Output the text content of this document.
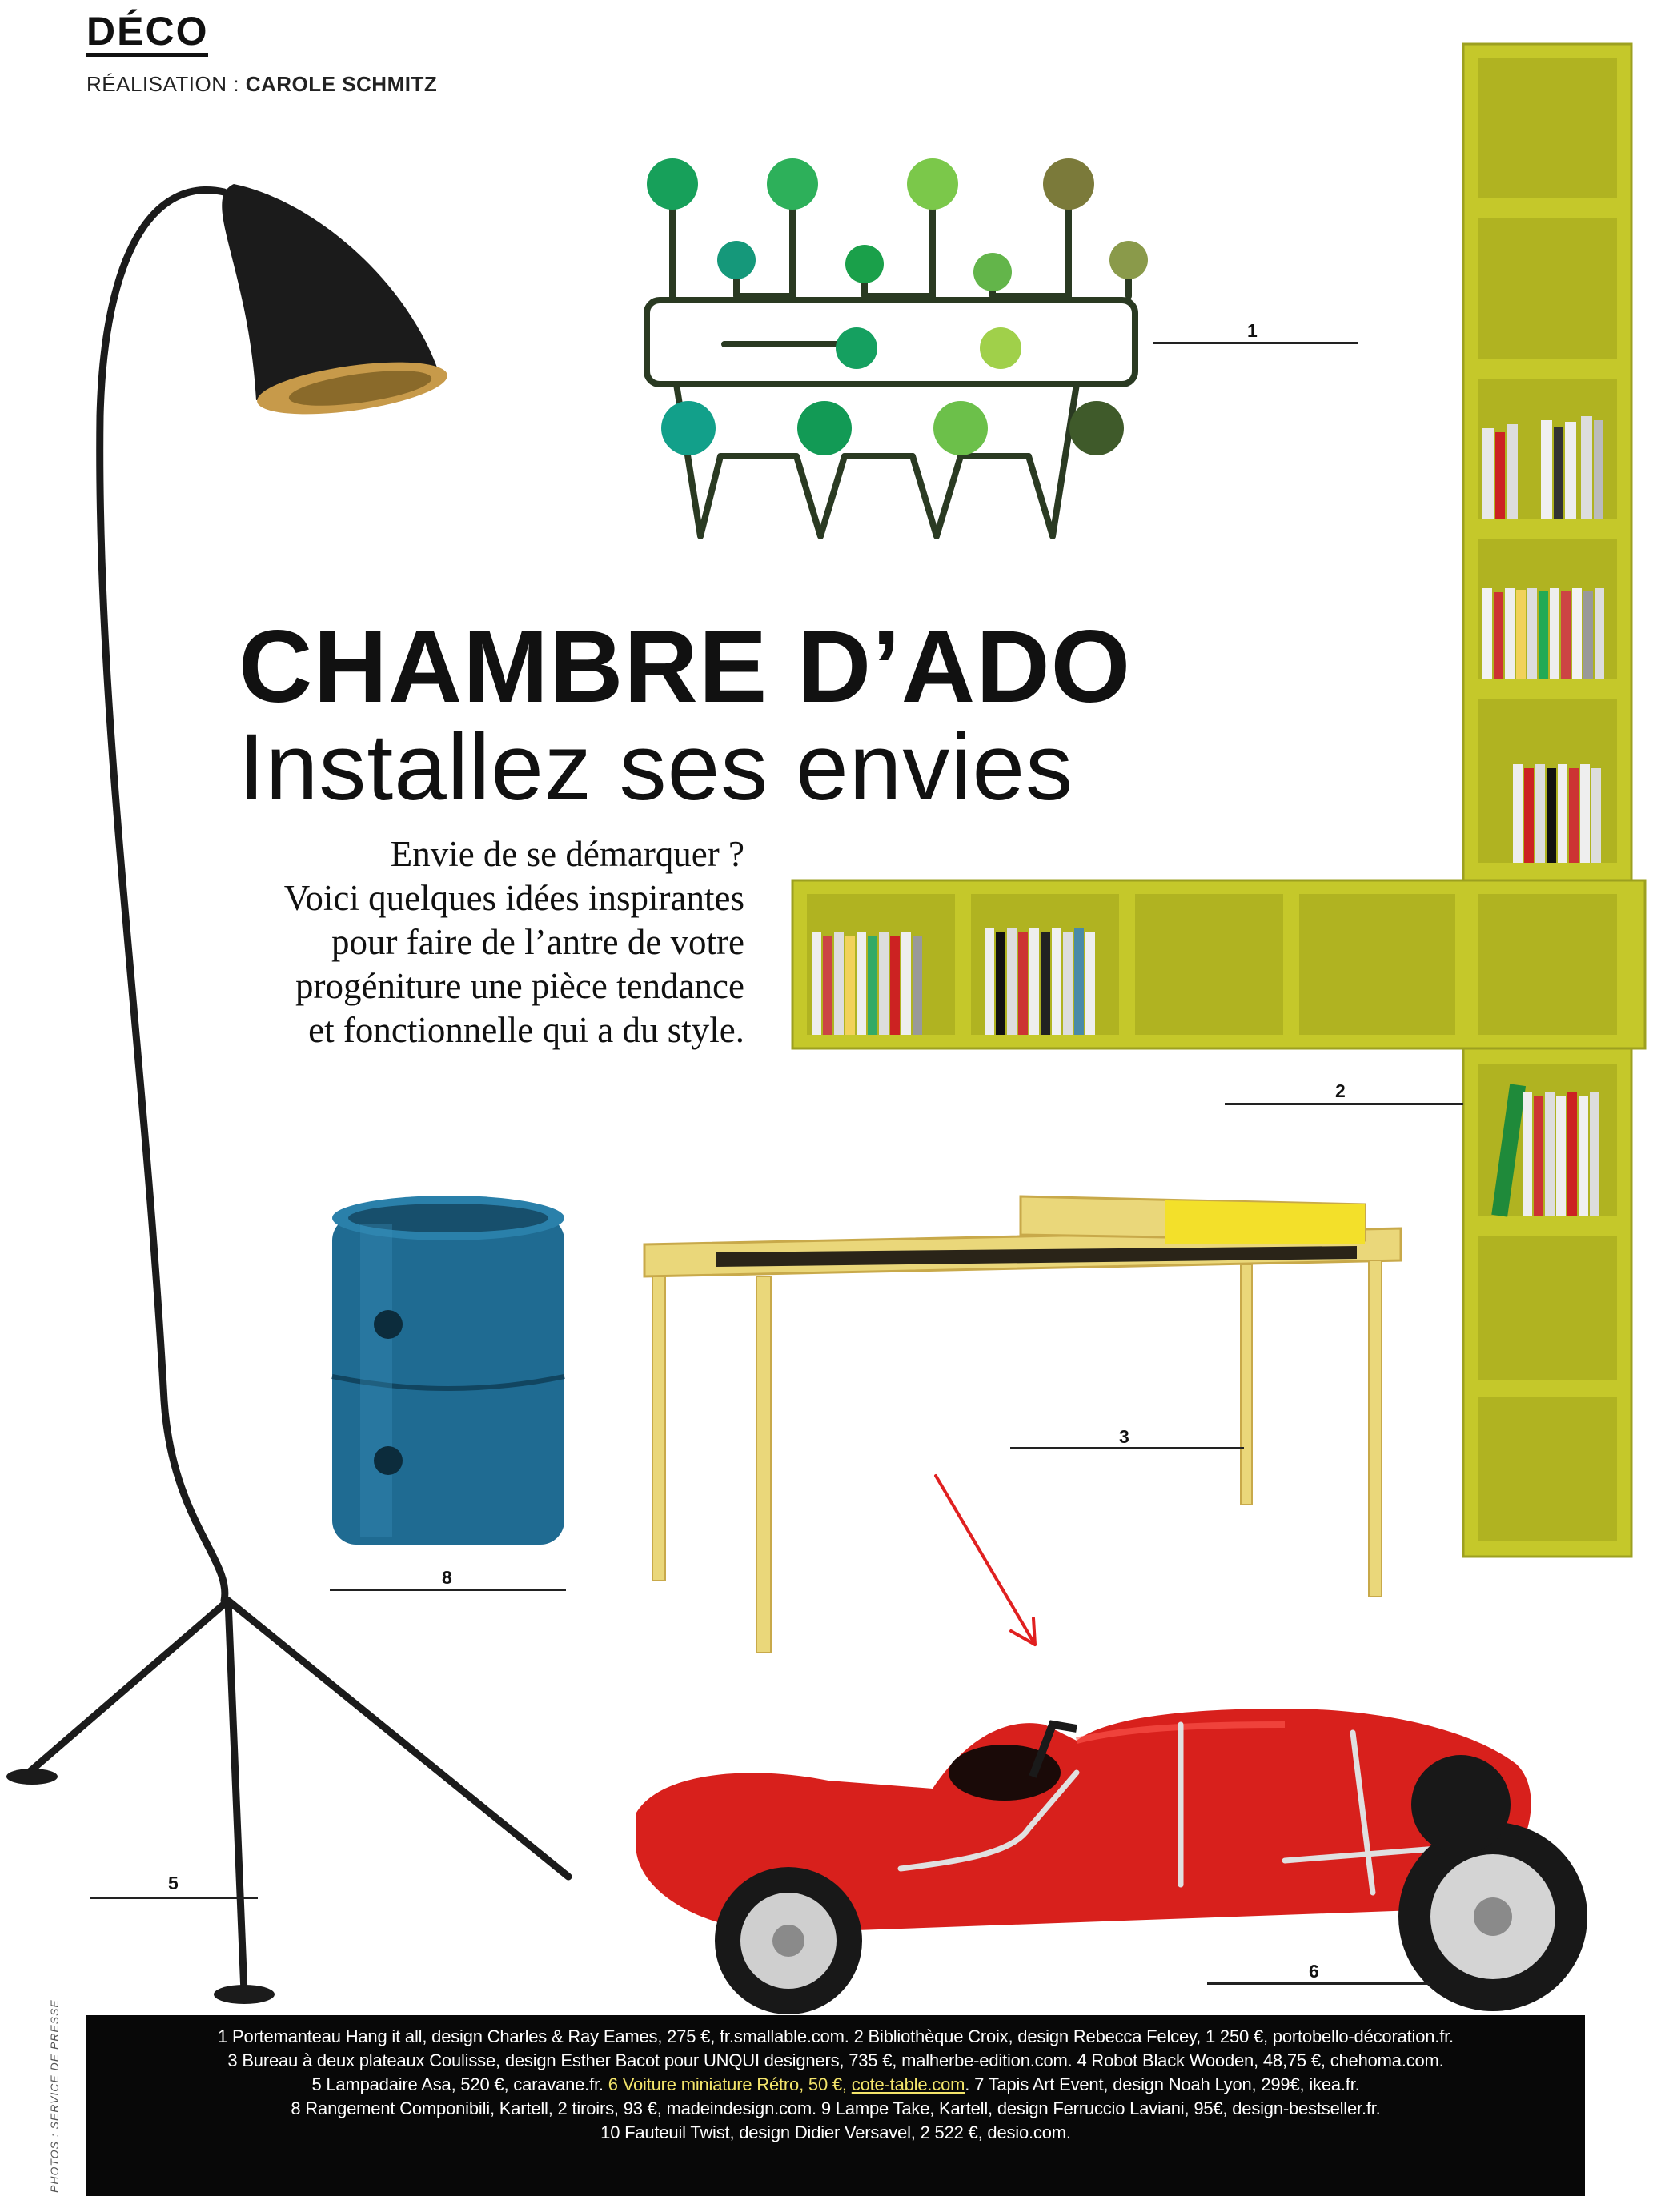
DÉCO
RÉALISATION : CAROLE SCHMITZ
1
5
CHAMBRE D’ADO
Installez ses envies
Envie de se démarquer ?
Voici quelques idées inspirantes
pour faire de l’antre de votre
progéniture une pièce tendance
et fonctionnelle qui a du style.
2
8
3
6
1 Portemanteau Hang it all, design Charles & Ray Eames, 275 €, fr.smallable.com. 2 Bibliothèque Croix, design Rebecca Felcey, 1 250 €, portobello-décoration.fr.
3 Bureau à deux plateaux Coulisse, design Esther Bacot pour UNQUI designers, 735 €, malherbe-edition.com. 4 Robot Black Wooden, 48,75 €, chehoma.com.
5 Lampadaire Asa, 520 €, caravane.fr. 6 Voiture miniature Rétro, 50 €, cote-table.com. 7 Tapis Art Event, design Noah Lyon, 299€, ikea.fr.
8 Rangement Componibili, Kartell, 2 tiroirs, 93 €, madeindesign.com. 9 Lampe Take, Kartell, design Ferruccio Laviani, 95€, design-bestseller.fr.
10 Fauteuil Twist, design Didier Versavel, 2 522 €, desio.com.
PHOTOS : SERVICE DE PRESSE
